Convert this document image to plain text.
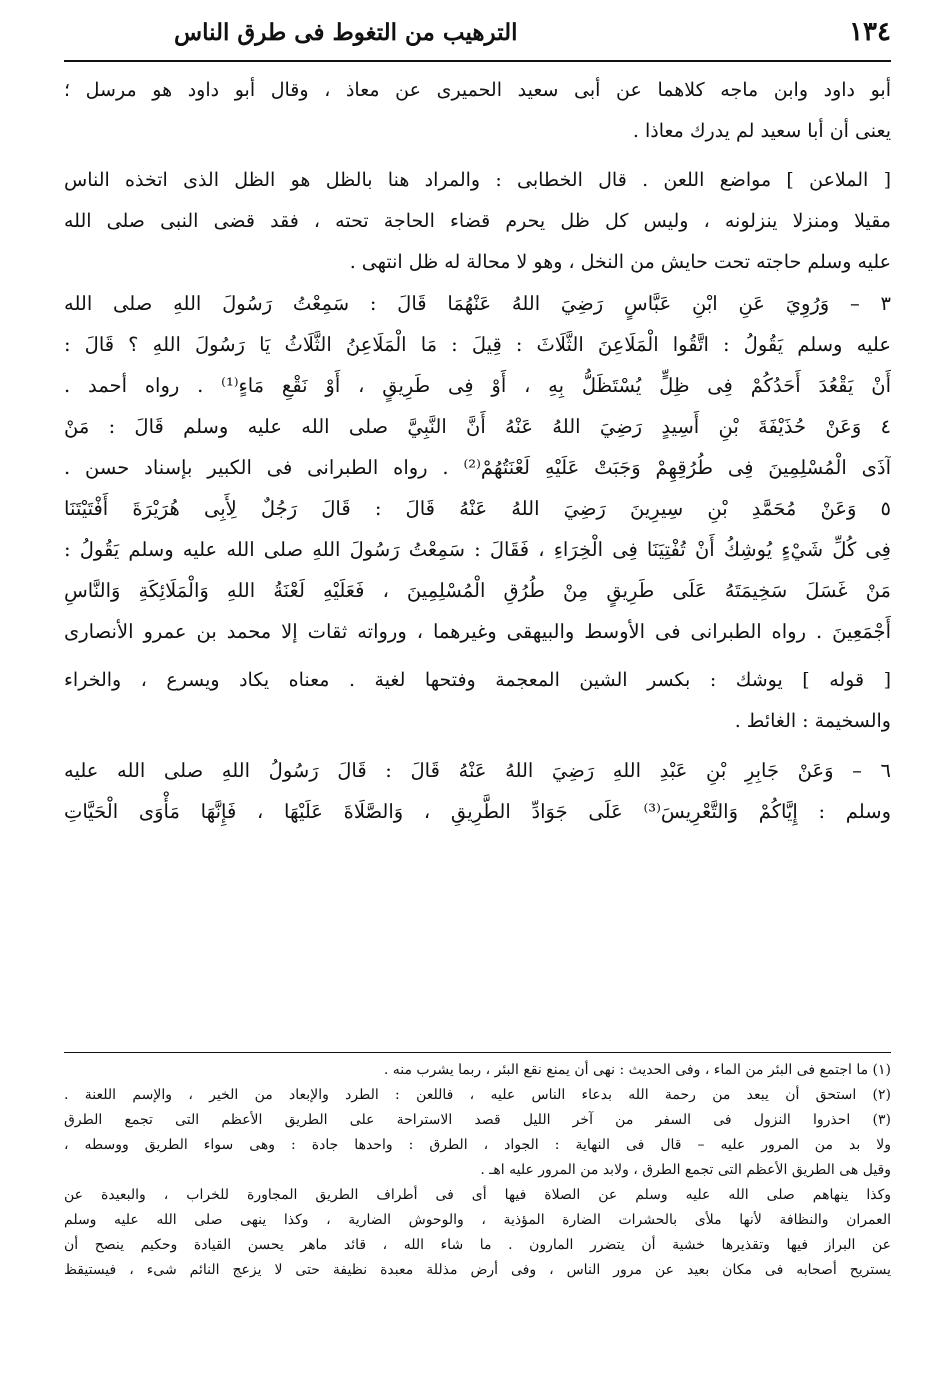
١٣٤
الترهيب من التغوط فى طرق الناس
أبو داود وابن ماجه كلاهما عن أبى سعيد الحميرى عن معاذ ، وقال أبو داود هو مرسل ؛
يعنى أن أبا سعيد لم يدرك معاذا .
[ الملاعن ] مواضع اللعن . قال الخطابى : والمراد هنا بالظل هو الظل الذى اتخذه الناس
مقيلا ومنزلا ينزلونه ، وليس كل ظل يحرم قضاء الحاجة تحته ، فقد قضى النبى صلى الله
عليه وسلم حاجته تحت حايش من النخل ، وهو لا محالة له ظل انتهى .
٣ – وَرُوِيَ عَنِ ابْنِ عَبَّاسٍ رَضِيَ اللهُ عَنْهُمَا قَالَ : سَمِعْتُ رَسُولَ اللهِ صلى الله
عليه وسلم يَقُولُ : اتَّقُوا الْمَلَاعِنَ الثَّلَاثَ : قِيلَ : مَا الْمَلَاعِنُ الثَّلَاثُ يَا رَسُولَ اللهِ ؟ قَالَ :
أَنْ يَقْعُدَ أَحَدُكُمْ فِى ظِلٍّ يُسْتَظَلُّ بِهِ ، أَوْ فِى طَرِيقٍ ، أَوْ نَقْعِ مَاءٍ⁽¹⁾ . رواه أحمد .
٤ وَعَنْ حُذَيْفَةَ بْنِ أَسِيدٍ رَضِيَ اللهُ عَنْهُ أَنَّ النَّبِيَّ صلى الله عليه وسلم قَالَ : مَنْ
آذَى الْمُسْلِمِينَ فِى طُرُقِهِمْ وَجَبَتْ عَلَيْهِ لَعْنَتُهُمْ⁽²⁾ . رواه الطبرانى فى الكبير بإسناد حسن .
٥ وَعَنْ مُحَمَّدِ بْنِ سِيرِينَ رَضِيَ اللهُ عَنْهُ قَالَ : قَالَ رَجُلٌ لِأَبِى هُرَيْرَةَ أَفْتَيْتَنَا
فِى كُلِّ شَيْءٍ يُوشِكُ أَنْ تُفْتِيَنَا فِى الْخِرَاءِ ، فَقَالَ : سَمِعْتُ رَسُولَ اللهِ صلى الله عليه وسلم يَقُولُ :
مَنْ غَسَلَ سَخِيمَتَهُ عَلَى طَرِيقٍ مِنْ طُرُقِ الْمُسْلِمِينَ ، فَعَلَيْهِ لَعْنَةُ اللهِ وَالْمَلَائِكَةِ وَالنَّاسِ
أَجْمَعِينَ . رواه الطبرانى فى الأوسط والبيهقى وغيرهما ، ورواته ثقات إلا محمد بن عمرو الأنصارى
[ قوله ] يوشك : بكسر الشين المعجمة وفتحها لغية . معناه يكاد ويسرع ، والخراء
والسخيمة : الغائط .
٦ – وَعَنْ جَابِرِ بْنِ عَبْدِ اللهِ رَضِيَ اللهُ عَنْهُ قَالَ : قَالَ رَسُولُ اللهِ صلى الله عليه
وسلم : إِيَّاكُمْ وَالتَّعْرِيسَ⁽³⁾ عَلَى جَوَادِّ الطَّرِيقِ ، وَالصَّلَاةَ عَلَيْهَا ، فَإِنَّهَا مَأْوَى الْحَيَّاتِ
(١) ما اجتمع فى البئر من الماء ، وفى الحديث : نهى أن يمنع نقع البئر ، ربما يشرب منه .
(٢) استحق أن يبعد من رحمة الله بدعاء الناس عليه ، فاللعن : الطرد والإبعاد من الخير ، والإسم اللعنة .
(٣) احذروا النزول فى السفر من آخر الليل قصد الاستراحة على الطريق الأعظم التى تجمع الطرق
ولا بد من المرور عليه – قال فى النهاية : الجواد ، الطرق : واحدها جادة : وهى سواء الطريق ووسطه ،
وقيل هى الطريق الأعظم التى تجمع الطرق ، ولابد من المرور عليه اهـ .
وكذا ينهاهم صلى الله عليه وسلم عن الصلاة فيها أى فى أطراف الطريق المجاورة للخراب ، والبعيدة عن
العمران والنظافة لأنها ملأى بالحشرات الضارة المؤذية ، والوحوش الضارية ، وكذا ينهى صلى الله عليه وسلم
عن البراز فيها وتقذيرها خشية أن يتضرر المارون . ما شاء الله ، قائد ماهر يحسن القيادة وحكيم ينصح أن
يستريح أصحابه فى مكان بعيد عن مرور الناس ، وفى أرض مذللة معبدة نظيفة حتى لا يزعج النائم شىء ، فيستيقظ
